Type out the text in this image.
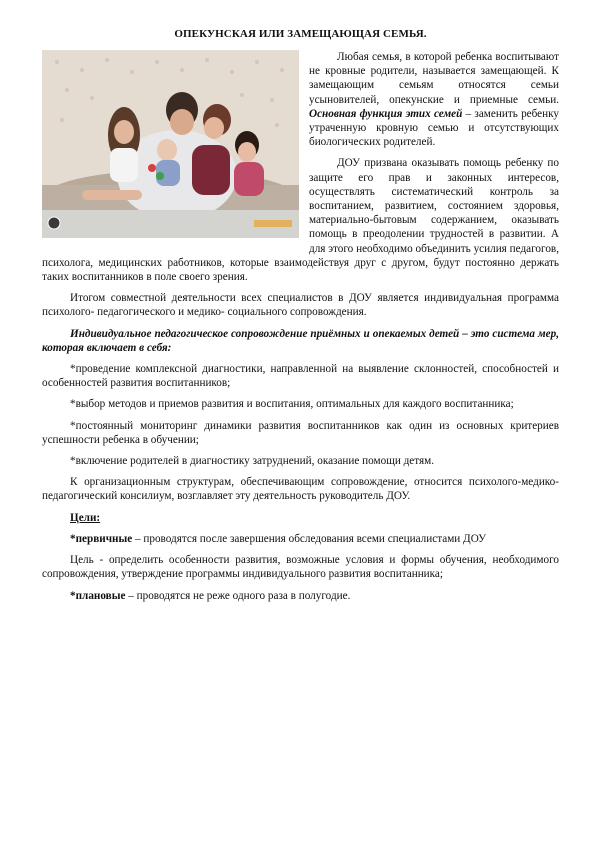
ОПЕКУНСКАЯ ИЛИ ЗАМЕЩАЮЩАЯ СЕМЬЯ.

Любая семья, в которой ребенка воспитывают не кровные родители, называется замещающей. К замещающим семьям относятся семьи усыновителей, опекунские и приемные семьи. Основная функция этих семей – заменить ребенку утраченную кровную семью и отсутствующих биологических родителей.

ДОУ призвана оказывать помощь ребенку по защите его прав и законных интересов, осуществлять систематический контроль за воспитанием, развитием, состоянием здоровья, материально-бытовым содержанием, оказывать помощь в преодолении трудностей в развитии. А для этого необходимо объединить усилия педагогов, психолога, медицинских работников, которые взаимодействуя друг с другом, будут постоянно держать таких воспитанников в поле своего зрения.

Итогом совместной деятельности всех специалистов в ДОУ является индивидуальная программа психолого- педагогического и медико- социального сопровождения.

Индивидуальное педагогическое сопровождение приёмных и опекаемых детей – это система мер, которая включает в себя:

*проведение комплексной диагностики, направленной на выявление склонностей, способностей и особенностей развития воспитанников;

*выбор методов и приемов развития и воспитания, оптимальных для каждого воспитанника;

*постоянный мониторинг динамики развития воспитанников как один из основных критериев успешности ребенка в обучении;

*включение родителей в диагностику затруднений, оказание помощи детям.

К организационным структурам, обеспечивающим сопровождение, относится психолого-медико-педагогический консилиум, возглавляет эту деятельность руководитель ДОУ.

Цели:

*первичные – проводятся после завершения обследования всеми специалистами ДОУ

Цель - определить особенности развития, возможные условия и формы обучения, необходимого сопровождения, утверждение программы индивидуального развития воспитанника;

*плановые – проводятся не реже одного раза в полугодие.
